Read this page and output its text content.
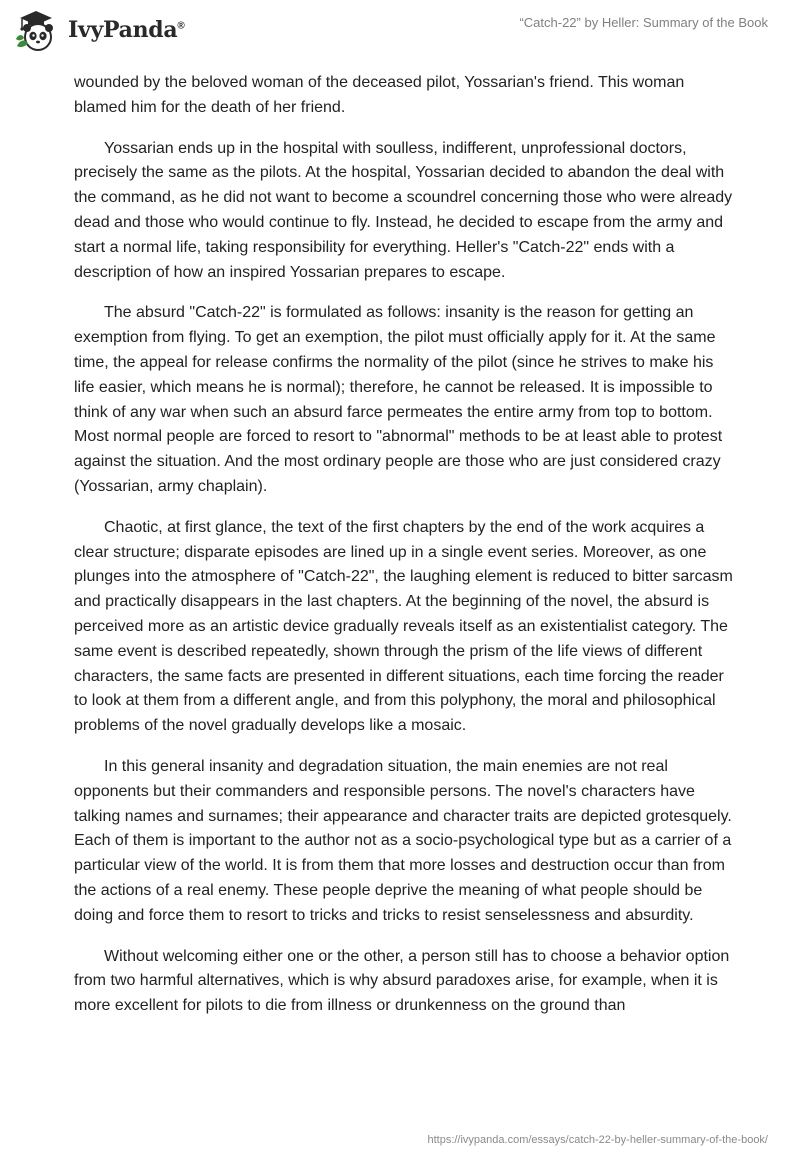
IvyPanda®	“Catch-22” by Heller: Summary of the Book

wounded by the beloved woman of the deceased pilot, Yossarian's friend. This woman blamed him for the death of her friend.

Yossarian ends up in the hospital with soulless, indifferent, unprofessional doctors, precisely the same as the pilots. At the hospital, Yossarian decided to abandon the deal with the command, as he did not want to become a scoundrel concerning those who were already dead and those who would continue to fly. Instead, he decided to escape from the army and start a normal life, taking responsibility for everything. Heller's "Catch-22" ends with a description of how an inspired Yossarian prepares to escape.

The absurd "Catch-22" is formulated as follows: insanity is the reason for getting an exemption from flying. To get an exemption, the pilot must officially apply for it. At the same time, the appeal for release confirms the normality of the pilot (since he strives to make his life easier, which means he is normal); therefore, he cannot be released. It is impossible to think of any war when such an absurd farce permeates the entire army from top to bottom. Most normal people are forced to resort to "abnormal" methods to be at least able to protest against the situation. And the most ordinary people are those who are just considered crazy (Yossarian, army chaplain).

Chaotic, at first glance, the text of the first chapters by the end of the work acquires a clear structure; disparate episodes are lined up in a single event series. Moreover, as one plunges into the atmosphere of "Catch-22", the laughing element is reduced to bitter sarcasm and practically disappears in the last chapters. At the beginning of the novel, the absurd is perceived more as an artistic device gradually reveals itself as an existentialist category. The same event is described repeatedly, shown through the prism of the life views of different characters, the same facts are presented in different situations, each time forcing the reader to look at them from a different angle, and from this polyphony, the moral and philosophical problems of the novel gradually develops like a mosaic.

In this general insanity and degradation situation, the main enemies are not real opponents but their commanders and responsible persons. The novel's characters have talking names and surnames; their appearance and character traits are depicted grotesquely. Each of them is important to the author not as a socio-psychological type but as a carrier of a particular view of the world. It is from them that more losses and destruction occur than from the actions of a real enemy. These people deprive the meaning of what people should be doing and force them to resort to tricks and tricks to resist senselessness and absurdity.

Without welcoming either one or the other, a person still has to choose a behavior option from two harmful alternatives, which is why absurd paradoxes arise, for example, when it is more excellent for pilots to die from illness or drunkenness on the ground than

https://ivypanda.com/essays/catch-22-by-heller-summary-of-the-book/
